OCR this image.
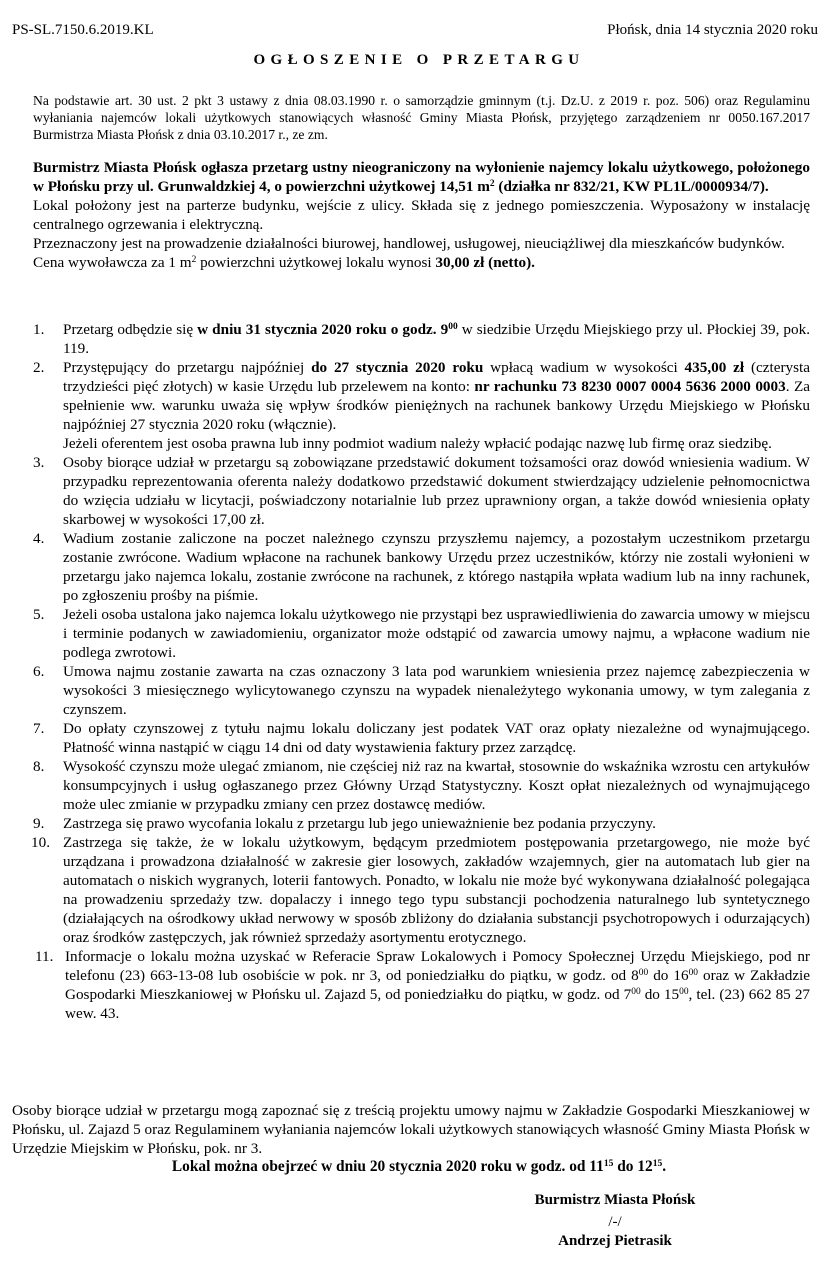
PS-SL.7150.6.2019.KL	Płońsk, dnia 14 stycznia 2020 roku
OGŁOSZENIE O PRZETARGU
Na podstawie art. 30 ust. 2 pkt 3 ustawy z dnia 08.03.1990 r. o samorządzie gminnym (t.j. Dz.U. z 2019 r. poz. 506) oraz Regulaminu wyłaniania najemców lokali użytkowych stanowiących własność Gminy Miasta Płońsk, przyjętego zarządzeniem nr 0050.167.2017 Burmistrza Miasta Płońsk z dnia 03.10.2017 r., ze zm.

Burmistrz Miasta Płońsk ogłasza przetarg ustny nieograniczony na wyłonienie najemcy lokalu użytkowego, położonego w Płońsku przy ul. Grunwaldzkiej 4, o powierzchni użytkowej 14,51 $m^2$ (działka nr 832/21, KW PL1L/0000934/7).

Lokal położony jest na parterze budynku, wejście z ulicy. Składa się z jednego pomieszczenia. Wyposażony w instalację centralnego ogrzewania i elektryczną.

Przeznaczony jest na prowadzenie działalności biurowej, handlowej, usługowej, nieuciążliwej dla mieszkańców budynków.

Cena wywoławcza za 1 $m^2$ powierzchni użytkowej lokalu wynosi 30,00 zł (netto).

1. Przetarg odbędzie się w dniu 31 stycznia 2020 roku o godz. $9^{00}$ w siedzibie Urzędu Miejskiego przy ul. Płockiej 39, pok. 119.
2. Przystępujący do przetargu najpóźniej do 27 stycznia 2020 roku wpłacą wadium w wysokości 435,00 zł (czterysta trzydzieści pięć złotych) w kasie Urzędu lub przelewem na konto: nr rachunku 73 8230 0007 0004 5636 2000 0003. Za spełnienie ww. warunku uważa się wpływ środków pieniężnych na rachunek bankowy Urzędu Miejskiego w Płońsku najpóźniej 27 stycznia 2020 roku (włącznie).

Jeżeli oferentem jest osoba prawna lub inny podmiot wadium należy wpłacić podając nazwę lub firmę oraz siedzibę.

3. Osoby biorące udział w przetargu są zobowiązane przedstawić dokument tożsamości oraz dowód wniesienia wadium. W przypadku reprezentowania oferenta należy dodatkowo przedstawić dokument stwierdzający udzielenie pełnomocnictwa do wzięcia udziału w licytacji, poświadczony notarialnie lub przez uprawniony organ, a także dowód wniesienia opłaty skarbowej w wysokości 17,00 zł.
4. Wadium zostanie zaliczone na poczet należnego czynszu przyszłemu najemcy, a pozostałym uczestnikom przetargu zostanie zwrócone. Wadium wpłacone na rachunek bankowy Urzędu przez uczestników, którzy nie zostali wyłonieni w przetargu jako najemca lokalu, zostanie zwrócone na rachunek, z którego nastąpiła wpłata wadium lub na inny rachunek, po zgłoszeniu prośby na piśmie.
5. Jeżeli osoba ustalona jako najemca lokalu użytkowego nie przystąpi bez usprawiedliwienia do zawarcia umowy w miejscu i terminie podanych w zawiadomieniu, organizator może odstąpić od zawarcia umowy najmu, a wpłacone wadium nie podlega zwrotowi.
6. Umowa najmu zostanie zawarta na czas oznaczony 3 lata pod warunkiem wniesienia przez najemcę zabezpieczenia w wysokości 3 miesięcznego wylicytowanego czynszu na wypadek nienależytego wykonania umowy, w tym zalegania z czynszem.
7. Do opłaty czynszowej z tytułu najmu lokalu doliczany jest podatek VAT oraz opłaty niezależne od wynajmującego. Płatność winna nastąpić w ciągu 14 dni od daty wystawienia faktury przez zarządcę.
8. Wysokość czynszu może ulegać zmianom, nie częściej niż raz na kwartał, stosownie do wskaźnika wzrostu cen artykułów konsumpcyjnych i usług ogłaszanego przez Główny Urząd Statystyczny. Koszt opłat niezależnych od wynajmującego może ulec zmianie w przypadku zmiany cen przez dostawcę mediów.
9. Zastrzega się prawo wycofania lokalu z przetargu lub jego unieważnienie bez podania przyczyny.
10. Zastrzega się także, że w lokalu użytkowym, będącym przedmiotem postępowania przetargowego, nie może być urządzana i prowadzona działalność w zakresie gier losowych, zakładów wzajemnych, gier na automatach lub gier na automatach o niskich wygranych, loterii fantowych. Ponadto, w lokalu nie może być wykonywana działalność polegająca na prowadzeniu sprzedaży tzw. dopalaczy i innego tego typu substancji pochodzenia naturalnego lub syntetycznego (działających na ośrodkowy układ nerwowy w sposób zbliżony do działania substancji psychotropowych i odurzających) oraz środków zastępczych, jak również sprzedaży asortymentu erotycznego.
11. Informacje o lokalu można uzyskać w Referacie Spraw Lokalowych i Pomocy Społecznej Urzędu Miejskiego, pod nr telefonu (23) 663-13-08 lub osobiście w pok. nr 3, od poniedziałku do piątku, w godz. od $8^{00}$ do $16^{00}$ oraz w Zakładzie Gospodarki Mieszkaniowej w Płońsku ul. Zajazd 5, od poniedziałku do piątku, w godz. od $7^{00}$ do $15^{00}$, tel. (23) 662 85 27 wew. 43.
Osoby biorące udział w przetargu mogą zapoznać się z treścią projektu umowy najmu w Zakładzie Gospodarki Mieszkaniowej w Płońsku, ul. Zajazd 5 oraz Regulaminem wyłaniania najemców lokali użytkowych stanowiących własność Gminy Miasta Płońsk w Urzędzie Miejskim w Płońsku, pok. nr 3.
Lokal można obejrzeć w dniu 20 stycznia 2020 roku w godz. od $11^{15}$ do $12^{15}$.
Burmistrz Miasta Płońsk
/-/
Andrzej Pietrasik
